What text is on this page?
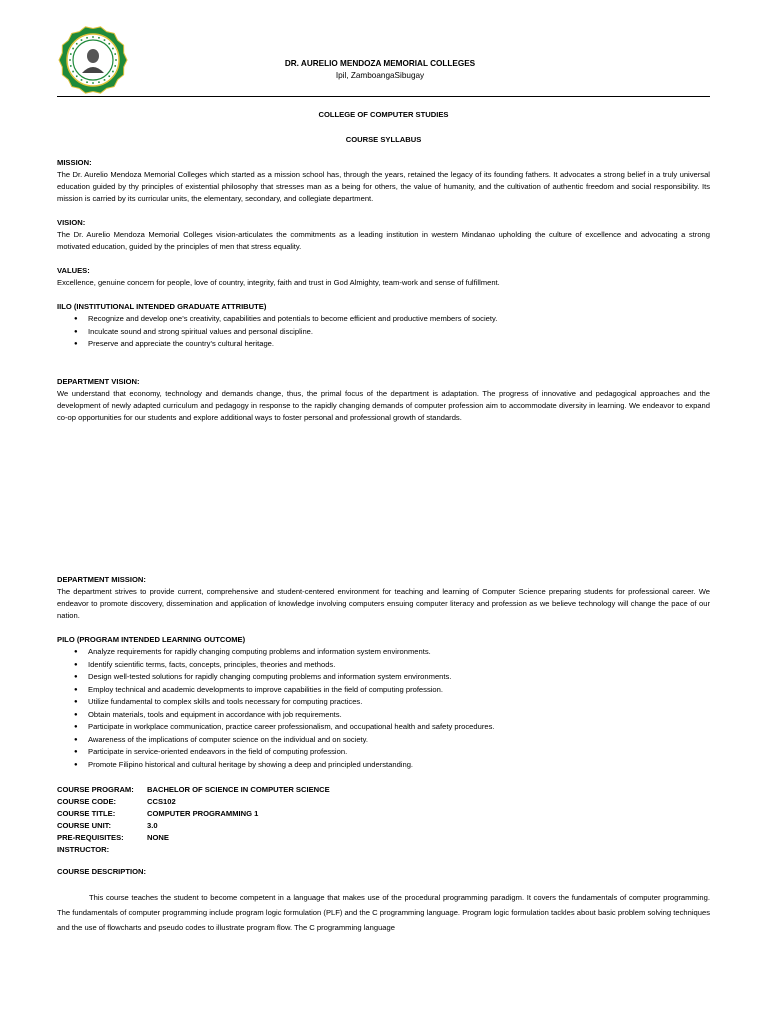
DR. AURELIO MENDOZA MEMORIAL COLLEGES
Ipil, ZamboangaSibugay
COLLEGE OF COMPUTER STUDIES
COURSE SYLLABUS
MISSION:
The Dr. Aurelio Mendoza Memorial Colleges which started as a mission school has, through the years, retained the legacy of its founding fathers. It advocates a strong belief in a truly universal education guided by thy principles of existential philosophy that stresses man as a being for others, the value of humanity, and the cultivation of authentic freedom and social responsibility. Its mission is carried by its curricular units, the elementary, secondary, and collegiate department.
VISION:
The Dr. Aurelio Mendoza Memorial Colleges vision-articulates the commitments as a leading institution in western Mindanao upholding the culture of excellence and advocating a strong motivated education, guided by the principles of men that stress equality.
VALUES:
Excellence, genuine concern for people, love of country, integrity, faith and trust in God Almighty, team-work and sense of fulfillment.
IILO (INSTITUTIONAL INTENDED GRADUATE ATTRIBUTE)
● Recognize and develop one’s creativity, capabilities and potentials to become efficient and productive members of society.
● Inculcate sound and strong spiritual values and personal discipline.
● Preserve and appreciate the country’s cultural heritage.
DEPARTMENT VISION:
We understand that economy, technology and demands change, thus, the primal focus of the department is adaptation. The progress of innovative and pedagogical approaches and the development of newly adapted curriculum and pedagogy in response to the rapidly changing demands of computer profession aim to accommodate diversity in learning. We endeavor to expand co-op opportunities for our students and explore additional ways to foster personal and professional growth of standards.
DEPARTMENT MISSION:
The department strives to provide current, comprehensive and student-centered environment for teaching and learning of Computer Science preparing students for professional career. We endeavor to promote discovery, dissemination and application of knowledge involving computers ensuing computer literacy and profession as we believe technology will change the pace of our nation.
PILO (PROGRAM INTENDED LEARNING OUTCOME)
● Analyze requirements for rapidly changing computing problems and information system environments.
● Identify scientific terms, facts, concepts, principles, theories and methods.
● Design well-tested solutions for rapidly changing computing problems and information system environments.
● Employ technical and academic developments to improve capabilities in the field of computing profession.
● Utilize fundamental to complex skills and tools necessary for computing practices.
● Obtain materials, tools and equipment in accordance with job requirements.
● Participate in workplace communication, practice career professionalism, and occupational health and safety procedures.
● Awareness of the implications of computer science on the individual and on society.
● Participate in service-oriented endeavors in the field of computing profession.
● Promote Filipino historical and cultural heritage by showing a deep and principled understanding.
COURSE PROGRAM:	BACHELOR OF SCIENCE IN COMPUTER SCIENCE
COURSE CODE:	CCS102
COURSE TITLE:	COMPUTER PROGRAMMING 1
COURSE UNIT:	3.0
PRE-REQUISITES:	NONE
INSTRUCTOR:
COURSE DESCRIPTION:
This course teaches the student to become competent in a language that makes use of the procedural programming paradigm. It covers the fundamentals of computer programming. The fundamentals of computer programming include program logic formulation (PLF) and the C programming language. Program logic formulation tackles about basic problem solving techniques and the use of flowcharts and pseudo codes to illustrate program flow. The C programming language
